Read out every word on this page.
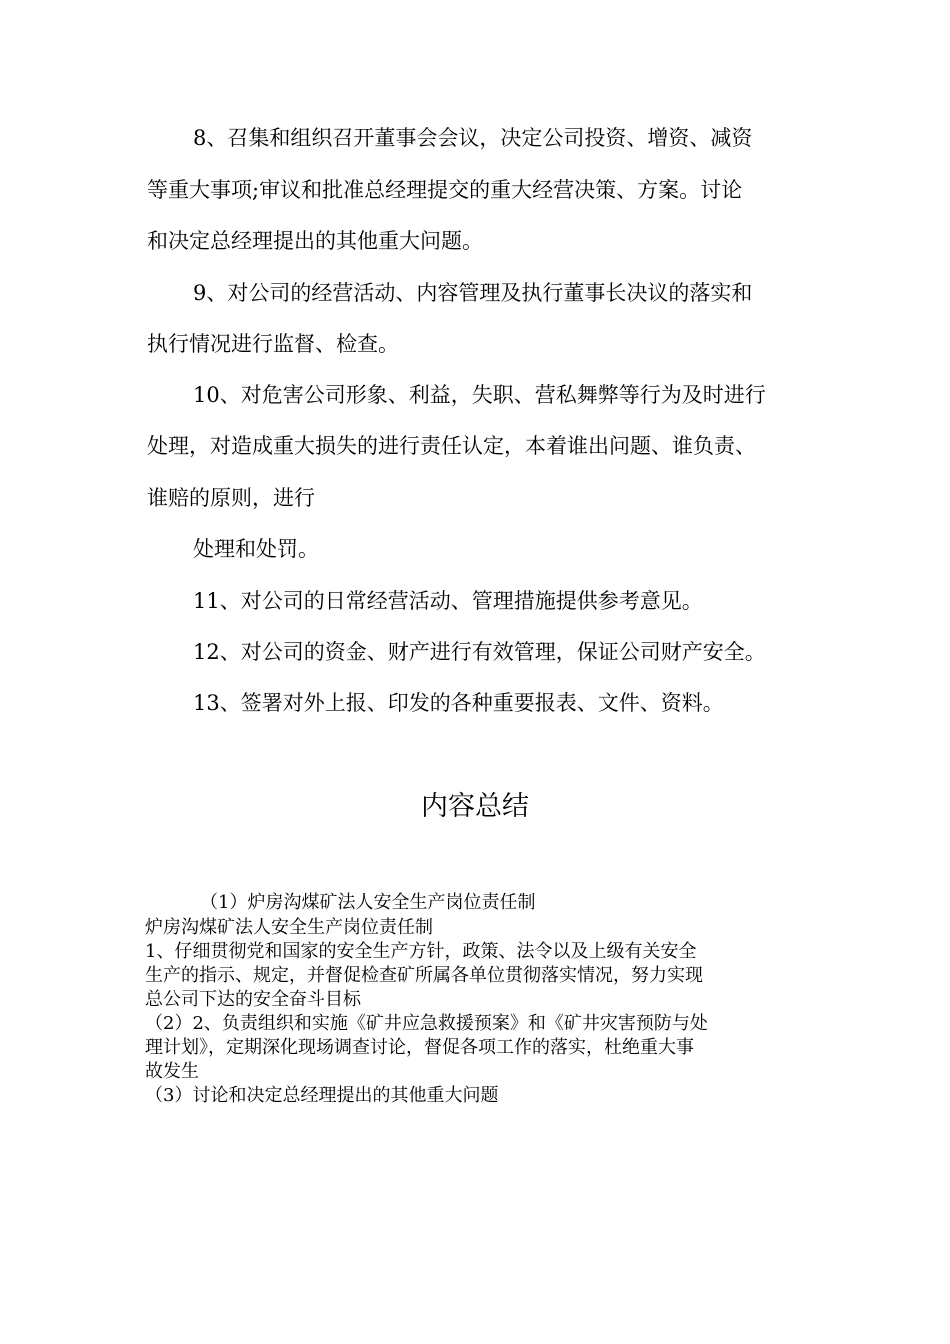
8、召集和组织召开董事会会议，决定公司投资、增资、减资
等重大事项;审议和批准总经理提交的重大经营决策、方案。讨论
和决定总经理提出的其他重大问题。
9、对公司的经营活动、内容管理及执行董事长决议的落实和
执行情况进行监督、检查。
10、对危害公司形象、利益，失职、营私舞弊等行为及时进行
处理，对造成重大损失的进行责任认定，本着谁出问题、谁负责、
谁赔的原则，进行
处理和处罚。
11、对公司的日常经营活动、管理措施提供参考意见。
12、对公司的资金、财产进行有效管理，保证公司财产安全。
13、签署对外上报、印发的各种重要报表、文件、资料。
内容总结
（1）炉房沟煤矿法人安全生产岗位责任制
炉房沟煤矿法人安全生产岗位责任制
1、仔细贯彻党和国家的安全生产方针，政策、法令以及上级有关安全
生产的指示、规定，并督促检查矿所属各单位贯彻落实情况，努力实现
总公司下达的安全奋斗目标
（2）2、负责组织和实施《矿井应急救援预案》和《矿井灾害预防与处
理计划》，定期深化现场调查讨论，督促各项工作的落实，杜绝重大事
故发生
（3）讨论和决定总经理提出的其他重大问题
